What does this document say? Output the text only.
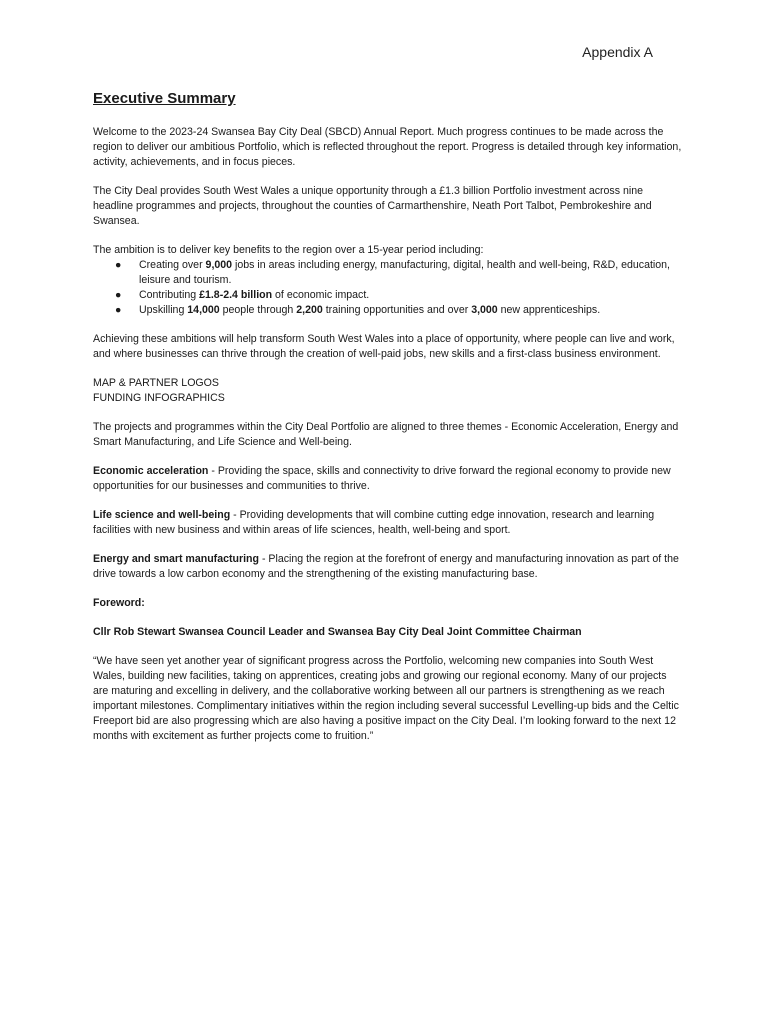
Appendix A
Executive Summary

Welcome to the 2023-24 Swansea Bay City Deal (SBCD) Annual Report. Much progress continues to be made across the region to deliver our ambitious Portfolio, which is reflected throughout the report. Progress is detailed through key information, activity, achievements, and in focus pieces.

The City Deal provides South West Wales a unique opportunity through a £1.3 billion Portfolio investment across nine headline programmes and projects, throughout the counties of Carmarthenshire, Neath Port Talbot, Pembrokeshire and Swansea.

The ambition is to deliver key benefits to the region over a 15-year period including:

● Creating over 9,000 jobs in areas including energy, manufacturing, digital, health and well-being, R&D, education, leisure and tourism.
● Contributing £1.8-2.4 billion of economic impact.
● Upskilling 14,000 people through 2,200 training opportunities and over 3,000 new apprenticeships.

Achieving these ambitions will help transform South West Wales into a place of opportunity, where people can live and work, and where businesses can thrive through the creation of well-paid jobs, new skills and a first-class business environment.

MAP & PARTNER LOGOS
FUNDING INFOGRAPHICS

The projects and programmes within the City Deal Portfolio are aligned to three themes - Economic Acceleration, Energy and Smart Manufacturing, and Life Science and Well-being.

Economic acceleration - Providing the space, skills and connectivity to drive forward the regional economy to provide new opportunities for our businesses and communities to thrive.

Life science and well-being - Providing developments that will combine cutting edge innovation, research and learning facilities with new business and within areas of life sciences, health, well-being and sport.

Energy and smart manufacturing - Placing the region at the forefront of energy and manufacturing innovation as part of the drive towards a low carbon economy and the strengthening of the existing manufacturing base.

Foreword:

Cllr Rob Stewart Swansea Council Leader and Swansea Bay City Deal Joint Committee Chairman

“We have seen yet another year of significant progress across the Portfolio, welcoming new companies into South West Wales, building new facilities, taking on apprentices, creating jobs and growing our regional economy. Many of our projects are maturing and excelling in delivery, and the collaborative working between all our partners is strengthening as we reach important milestones. Complimentary initiatives within the region including several successful Levelling-up bids and the Celtic Freeport bid are also progressing which are also having a positive impact on the City Deal. I’m looking forward to the next 12 months with excitement as further projects come to fruition.”
